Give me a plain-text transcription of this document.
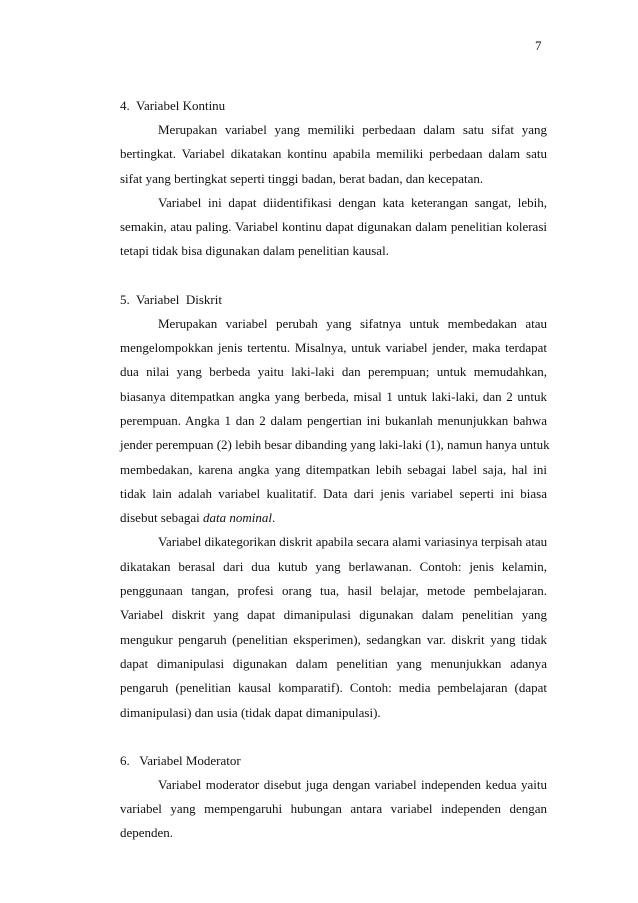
7

4.  Variabel Kontinu

Merupakan variabel yang memiliki perbedaan dalam satu sifat yang
bertingkat. Variabel dikatakan kontinu apabila memiliki perbedaan dalam satu
sifat yang bertingkat seperti tinggi badan, berat badan, dan kecepatan.

Variabel ini dapat diidentifikasi dengan kata keterangan sangat, lebih,
semakin, atau paling. Variabel kontinu dapat digunakan dalam penelitian kolerasi
tetapi tidak bisa digunakan dalam penelitian kausal.

5.  Variabel  Diskrit

Merupakan variabel perubah yang sifatnya untuk membedakan atau
mengelompokkan jenis tertentu. Misalnya, untuk variabel jender, maka terdapat
dua nilai yang berbeda yaitu laki-laki dan perempuan; untuk memudahkan,
biasanya ditempatkan angka yang berbeda, misal 1 untuk laki-laki, dan 2 untuk
perempuan. Angka 1 dan 2 dalam pengertian ini bukanlah menunjukkan bahwa
jender perempuan (2) lebih besar dibanding yang laki-laki (1), namun hanya untuk
membedakan, karena angka yang ditempatkan lebih sebagai label saja, hal ini
tidak lain adalah variabel kualitatif. Data dari jenis variabel seperti ini biasa
disebut sebagai data nominal.

Variabel dikategorikan diskrit apabila secara alami variasinya terpisah atau
dikatakan berasal dari dua kutub yang berlawanan. Contoh: jenis kelamin,
penggunaan tangan, profesi orang tua, hasil belajar, metode pembelajaran.
Variabel diskrit yang dapat dimanipulasi digunakan dalam penelitian yang
mengukur pengaruh (penelitian eksperimen), sedangkan var. diskrit yang tidak
dapat dimanipulasi digunakan dalam penelitian yang menunjukkan adanya
pengaruh (penelitian kausal komparatif). Contoh: media pembelajaran (dapat
dimanipulasi) dan usia (tidak dapat dimanipulasi).

6.   Variabel Moderator

Variabel moderator disebut juga dengan variabel independen kedua yaitu
variabel yang mempengaruhi hubungan antara variabel independen dengan
dependen.
